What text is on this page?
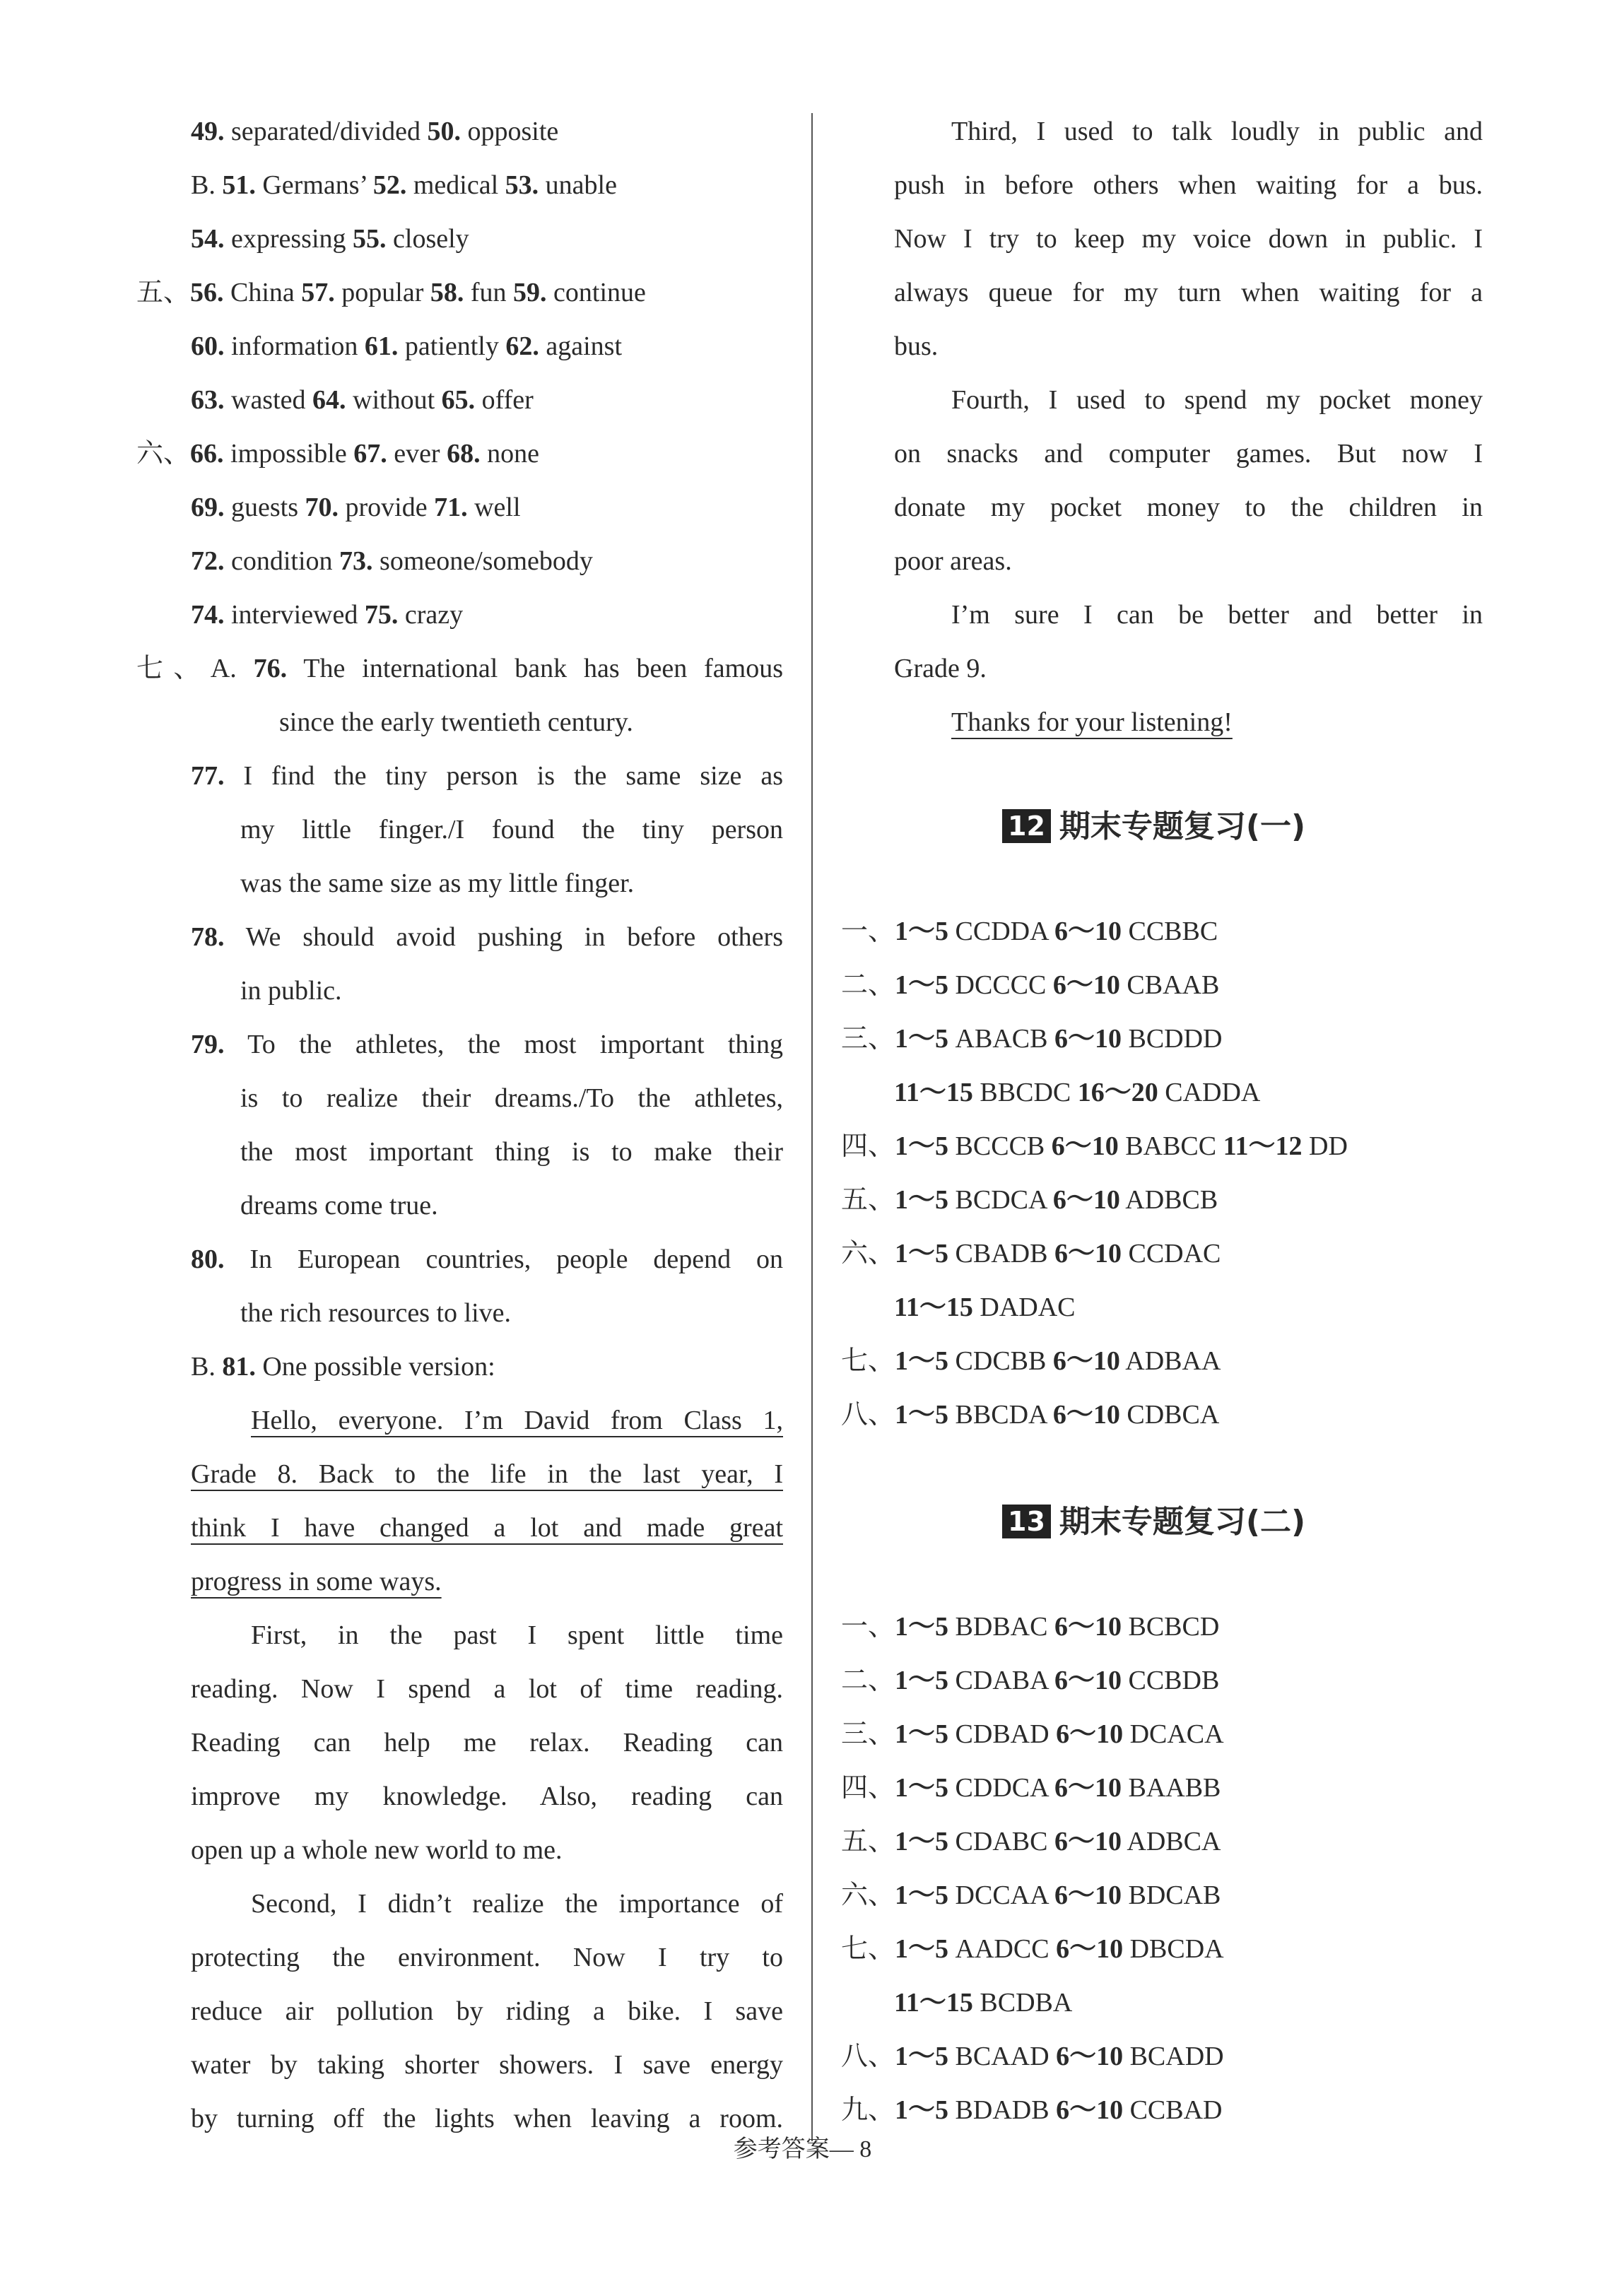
49. separated/divided 50. opposite
B. 51. Germans’ 52. medical 53. unable
54. expressing 55. closely
五、56. China 57. popular 58. fun 59. continue
60. information 61. patiently 62. against
63. wasted 64. without 65. offer
六、66. impossible 67. ever 68. none
69. guests 70. provide 71. well
72. condition 73. someone/somebody
74. interviewed 75. crazy
七、A. 76. The international bank has been famous
since the early twentieth century.
77. I find the tiny person is the same size as
my little finger./I found the tiny person
was the same size as my little finger.
78. We should avoid pushing in before others
in public.
79. To the athletes, the most important thing
is to realize their dreams./To the athletes,
the most important thing is to make their
dreams come true.
80. In European countries, people depend on
the rich resources to live.
B. 81. One possible version:
Hello, everyone. I’m David from Class 1,
Grade 8. Back to the life in the last year, I
think I have changed a lot and made great
progress in some ways.
First, in the past I spent little time
reading. Now I spend a lot of time reading.
Reading can help me relax. Reading can
improve my knowledge. Also, reading can
open up a whole new world to me.
Second, I didn’t realize the importance of
protecting the environment. Now I try to
reduce air pollution by riding a bike. I save
water by taking shorter showers. I save energy
by turning off the lights when leaving a room.
Third, I used to talk loudly in public and
push in before others when waiting for a bus.
Now I try to keep my voice down in public. I
always queue for my turn when waiting for a
bus.
Fourth, I used to spend my pocket money
on snacks and computer games. But now I
donate my pocket money to the children in
poor areas.
I’m sure I can be better and better in
Grade 9.
Thanks for your listening!
一、1～5 CCDDA 6～10 CCBBC
二、1～5 DCCCC 6～10 CBAAB
三、1～5 ABACB 6～10 BCDDD
11～15 BBCDC 16～20 CADDA
四、1～5 BCCCB 6～10 BABCC 11～12 DD
五、1～5 BCDCA 6～10 ADBCB
六、1～5 CBADB 6～10 CCDAC
11～15 DADAC
七、1～5 CDCBB 6～10 ADBAA
八、1～5 BBCDA 6～10 CDBCA
一、1～5 BDBAC 6～10 BCBCD
二、1～5 CDABA 6～10 CCBDB
三、1～5 CDBAD 6～10 DCACA
四、1～5 CDDCA 6～10 BAABB
五、1～5 CDABC 6～10 ADBCA
六、1～5 DCCAA 6～10 BDCAB
七、1～5 AADCC 6～10 DBCDA
11～15 BCDBA
八、1～5 BCAAD 6～10 BCADD
九、1～5 BDADB 6～10 CCBAD
12 期末专题复习(一)
13 期末专题复习(二)
参考答案— 8
